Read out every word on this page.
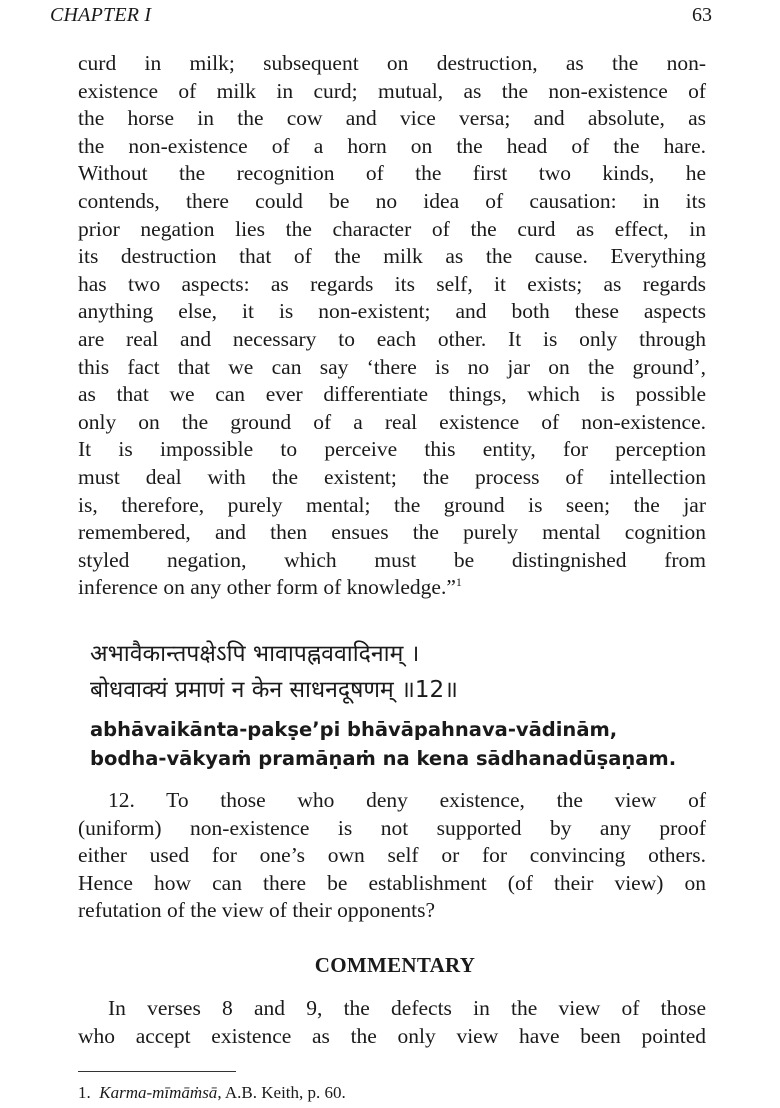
CHAPTER I	63
curd in milk; subsequent on destruction, as the non-
existence of milk in curd; mutual, as the non-existence of
the horse in the cow and vice versa; and absolute, as
the non-existence of a horn on the head of the hare.
Without the recognition of the first two kinds, he
contends, there could be no idea of causation: in its
prior negation lies the character of the curd as effect, in
its destruction that of the milk as the cause. Everything
has two aspects: as regards its self, it exists; as regards
anything else, it is non-existent; and both these aspects
are real and necessary to each other. It is only through
this fact that we can say ‘there is no jar on the ground’,
as that we can ever differentiate things, which is possible
only on the ground of a real existence of non-existence.
It is impossible to perceive this entity, for perception
must deal with the existent; the process of intellection
is, therefore, purely mental; the ground is seen; the jar
remembered, and then ensues the purely mental cognition
styled negation, which must be distingnished from
inference on any other form of knowledge.”$^1$
अभावैकान्तपक्षेऽपि भावापह्नववादिनाम् ।
बोधवाक्यं प्रमाणं न केन साधनदूषणम् ॥12॥
abhāvaikānta-pakṣe’pi bhāvāpahnava-vādinām,
bodha-vākyaṁ pramāṇaṁ na kena sādhanadūṣaṇam.
12. To those who deny existence, the view of
(uniform) non-existence is not supported by any proof
either used for one’s own self or for convincing others.
Hence how can there be establishment (of their view) on
refutation of the view of their opponents?
COMMENTARY
In verses 8 and 9, the defects in the view of those
who accept existence as the only view have been pointed
1. Karma-mīmāṁsā, A.B. Keith, p. 60.
